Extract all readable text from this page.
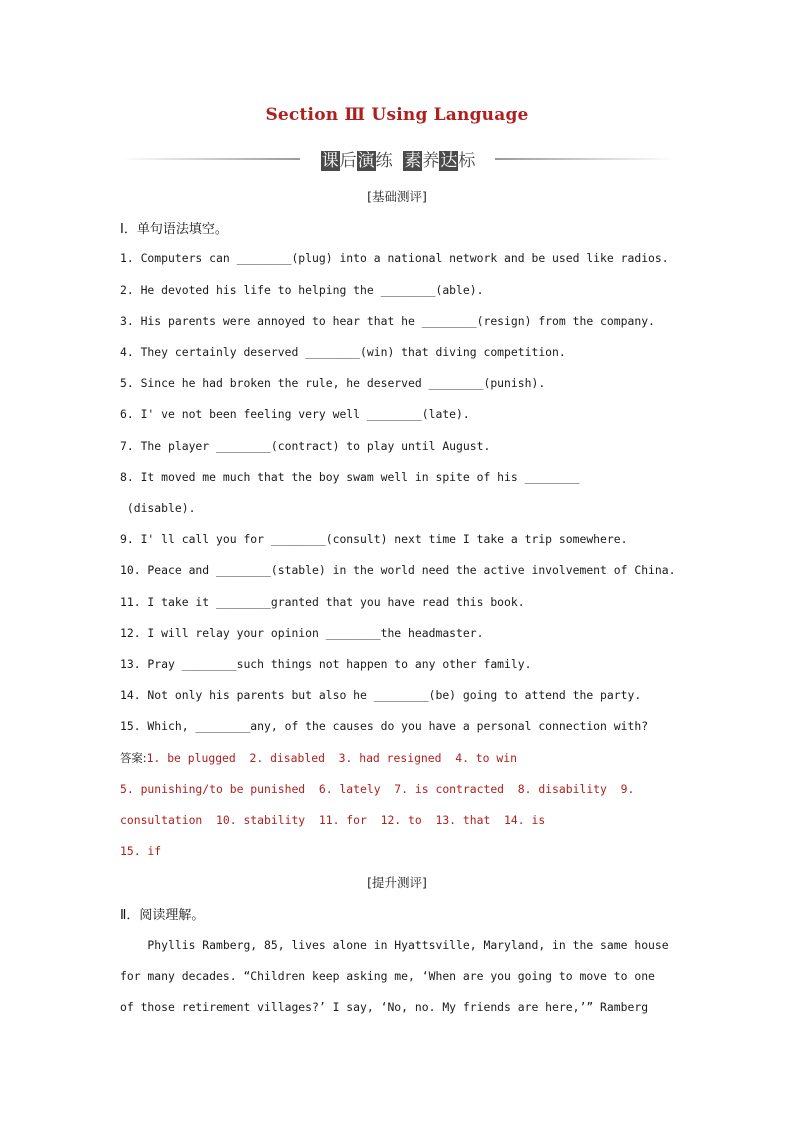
Section Ⅲ Using Language
课后演练 素养达标
[基础测评]
Ⅰ．单句语法填空。
1. Computers can ________(plug) into a national network and be used like radios.
2. He devoted his life to helping the ________(able).
3. His parents were annoyed to hear that he ________(resign) from the company.
4. They certainly deserved ________(win) that diving competition.
5. Since he had broken the rule, he deserved ________(punish).
6. I' ve not been feeling very well ________(late).
7. The player ________(contract) to play until August.
8. It moved me much that the boy swam well in spite of his ________
(disable).
9. I' ll call you for ________(consult) next time I take a trip somewhere.
10. Peace and ________(stable) in the world need the active involvement of China.
11. I take it ________granted that you have read this book.
12. I will relay your opinion ________the headmaster.
13. Pray ________such things not happen to any other family.
14. Not only his parents but also he ________(be) going to attend the party.
15. Which, ________any, of the causes do you have a personal connection with?
答案:1. be plugged  2. disabled  3. had resigned  4. to win
5. punishing/to be punished  6. lately  7. is contracted  8. disability  9.
consultation  10. stability  11. for  12. to  13. that  14. is
15. if
[提升测评]
Ⅱ．阅读理解。
Phyllis Ramberg, 85, lives alone in Hyattsville, Maryland, in the same house
for many decades. “Children keep asking me, ‘When are you going to move to one
of those retirement villages?’ I say, ‘No, no. My friends are here,’” Ramberg
